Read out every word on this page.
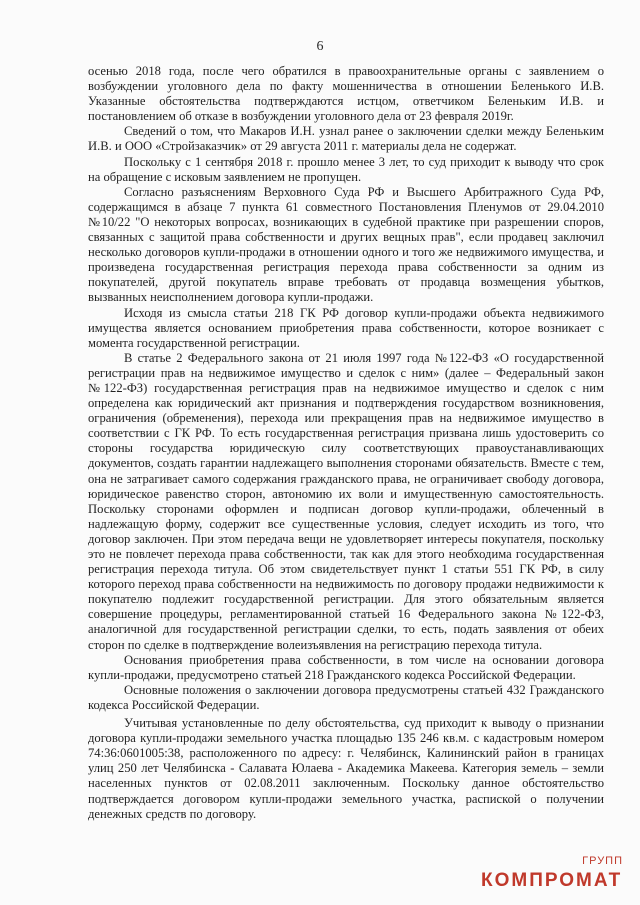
6

осенью 2018 года, после чего обратился в правоохранительные органы с заявлением о возбуждении уголовного дела по факту мошенничества в отношении Беленького И.В. Указанные обстоятельства подтверждаются истцом, ответчиком Беленьким И.В. и постановлением об отказе в возбуждении уголовного дела от 23 февраля 2019г.

Сведений о том, что Макаров И.Н. узнал ранее о заключении сделки между Беленьким И.В. и ООО «Стройзаказчик» от 29 августа 2011 г. материалы дела не содержат.

Поскольку с 1 сентября 2018 г. прошло менее 3 лет, то суд приходит к выводу что срок на обращение с исковым заявлением не пропущен.

Согласно разъяснениям Верховного Суда РФ и Высшего Арбитражного Суда РФ, содержащимся в абзаце 7 пункта 61 совместного Постановления Пленумов от 29.04.2010 №10/22 "О некоторых вопросах, возникающих в судебной практике при разрешении споров, связанных с защитой права собственности и других вещных прав", если продавец заключил несколько договоров купли-продажи в отношении одного и того же недвижимого имущества, и произведена государственная регистрация перехода права собственности за одним из покупателей, другой покупатель вправе требовать от продавца возмещения убытков, вызванных неисполнением договора купли-продажи.

Исходя из смысла статьи 218 ГК РФ договор купли-продажи объекта недвижимого имущества является основанием приобретения права собственности, которое возникает с момента государственной регистрации.

В статье 2 Федерального закона от 21 июля 1997 года №122-ФЗ «О государственной регистрации прав на недвижимое имущество и сделок с ним» (далее – Федеральный закон №122-ФЗ) государственная регистрация прав на недвижимое имущество и сделок с ним определена как юридический акт признания и подтверждения государством возникновения, ограничения (обременения), перехода или прекращения прав на недвижимое имущество в соответствии с ГК РФ. То есть государственная регистрация призвана лишь удостоверить со стороны государства юридическую силу соответствующих правоустанавливающих документов, создать гарантии надлежащего выполнения сторонами обязательств. Вместе с тем, она не затрагивает самого содержания гражданского права, не ограничивает свободу договора, юридическое равенство сторон, автономию их воли и имущественную самостоятельность. Поскольку сторонами оформлен и подписан договор купли-продажи, облеченный в надлежащую форму, содержит все существенные условия, следует исходить из того, что договор заключен. При этом передача вещи не удовлетворяет интересы покупателя, поскольку это не повлечет перехода права собственности, так как для этого необходима государственная регистрация перехода титула. Об этом свидетельствует пункт 1 статьи 551 ГК РФ, в силу которого переход права собственности на недвижимость по договору продажи недвижимости к покупателю подлежит государственной регистрации. Для этого обязательным является совершение процедуры, регламентированной статьей 16 Федерального закона №122-ФЗ, аналогичной для государственной регистрации сделки, то есть, подать заявления от обеих сторон по сделке в подтверждение волеизъявления на регистрацию перехода титула.

Основания приобретения права собственности, в том числе на основании договора купли-продажи, предусмотрено статьей 218 Гражданского кодекса Российской Федерации.

Основные положения о заключении договора предусмотрены статьей 432 Гражданского кодекса Российской Федерации.

Учитывая установленные по делу обстоятельства, суд приходит к выводу о признании договора купли-продажи земельного участка площадью 135 246 кв.м. с кадастровым номером 74:36:0601005:38, расположенного по адресу: г. Челябинск, Калининский район в границах улиц 250 лет Челябинска - Салавата Юлаева - Академика Макеева. Категория земель – земли населенных пунктов от 02.08.2011 заключенным. Поскольку данное обстоятельство подтверждается договором купли-продажи земельного участка, распиской о получении денежных средств по договору.

ГРУПП
КОМПРОМАТ
